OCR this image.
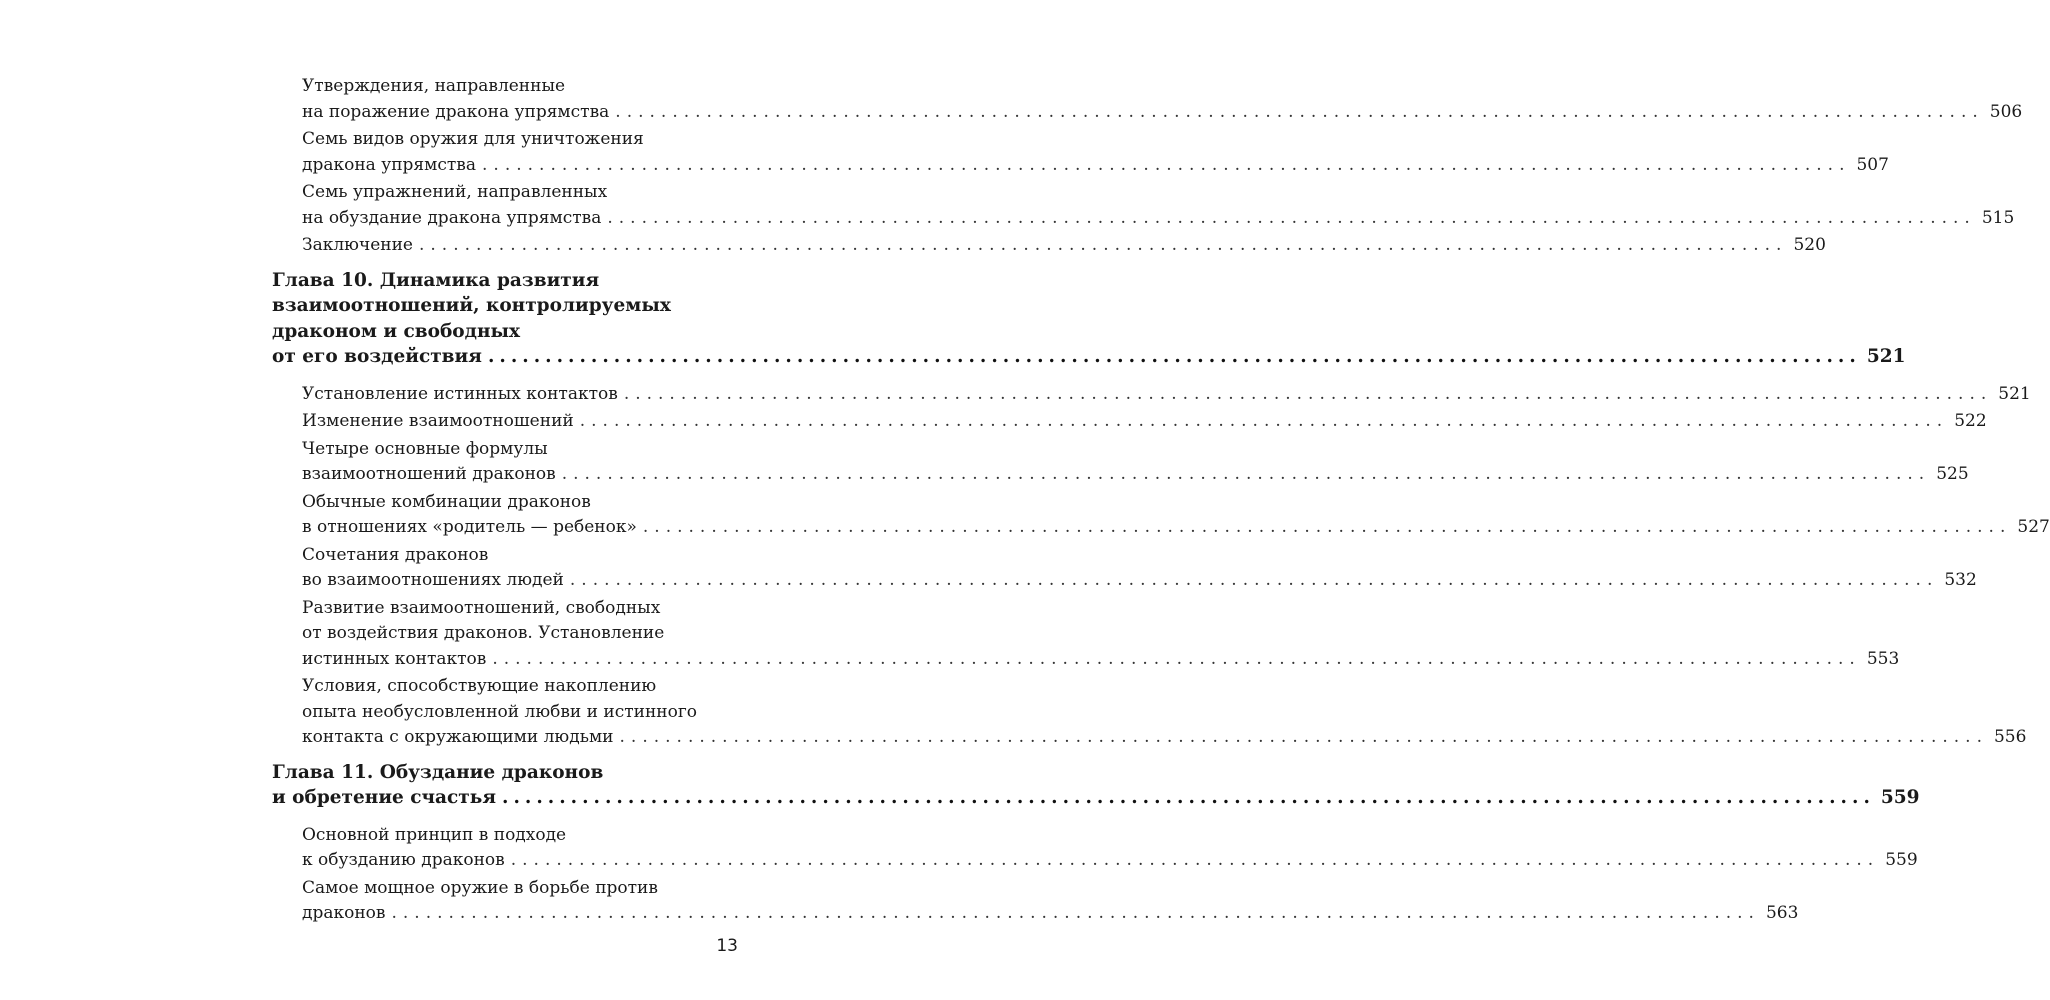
Утверждения, направленные
на поражение дракона упрямства ........................................................................................................................ 506
Семь видов оружия для уничтожения
дракона упрямства ........................................................................................................................ 507
Семь упражнений, направленных
на обуздание дракона упрямства ........................................................................................................................ 515
Заключение ........................................................................................................................ 520
Глава 10. Динамика развития
взаимоотношений, контролируемых
драконом и свободных
от его воздействия ........................................................................................................................ 521
Установление истинных контактов ........................................................................................................................ 521
Изменение взаимоотношений ........................................................................................................................ 522
Четыре основные формулы
взаимоотношений драконов ........................................................................................................................ 525
Обычные комбинации драконов
в отношениях «родитель — ребенок» ........................................................................................................................ 527
Сочетания драконов
во взаимоотношениях людей ........................................................................................................................ 532
Развитие взаимоотношений, свободных
от воздействия драконов. Установление
истинных контактов ........................................................................................................................ 553
Условия, способствующие накоплению
опыта необусловленной любви и истинного
контакта с окружающими людьми ........................................................................................................................ 556
Глава 11. Обуздание драконов
и обретение счастья ........................................................................................................................ 559
Основной принцип в подходе
к обузданию драконов ........................................................................................................................ 559
Самое мощное оружие в борьбе против
драконов ........................................................................................................................ 563
13
